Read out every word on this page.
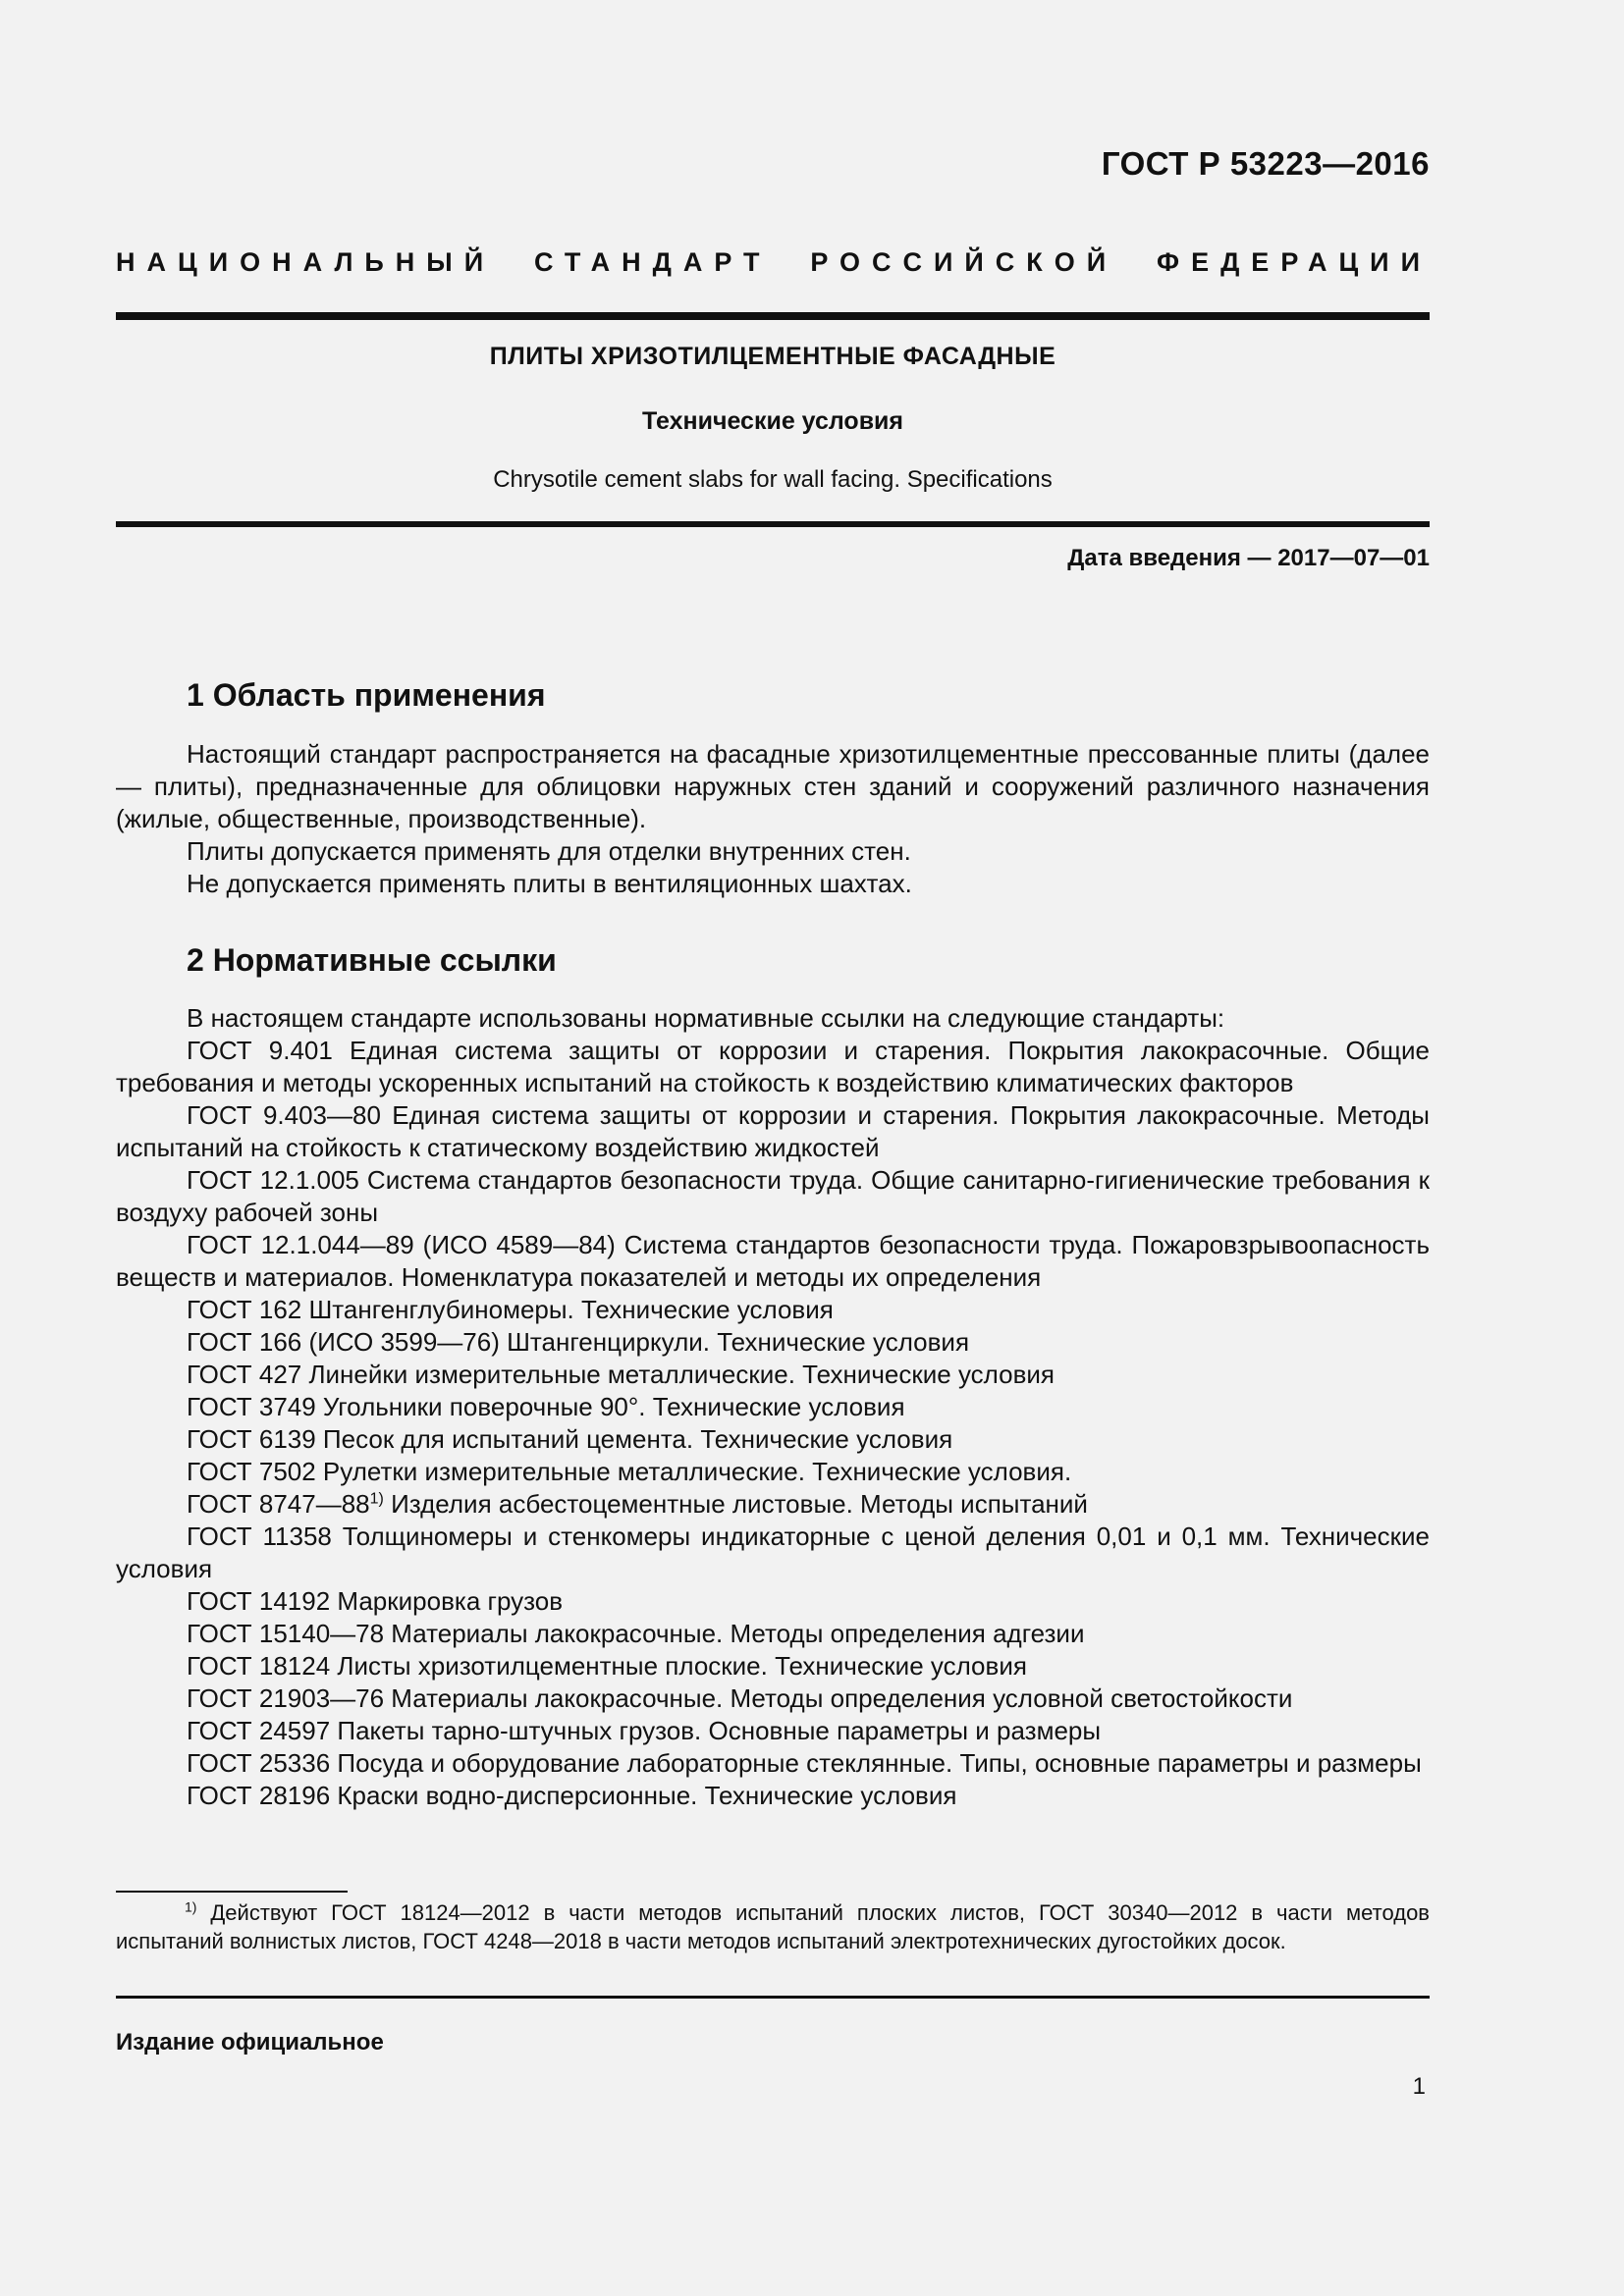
ГОСТ Р 53223—2016
НАЦИОНАЛЬНЫЙ СТАНДАРТ РОССИЙСКОЙ ФЕДЕРАЦИИ
ПЛИТЫ ХРИЗОТИЛЦЕМЕНТНЫЕ ФАСАДНЫЕ
Технические условия
Chrysotile cement slabs for wall facing. Specifications
Дата введения — 2017—07—01
1 Область применения

Настоящий стандарт распространяется на фасадные хризотилцементные прессованные плиты (далее — плиты), предназначенные для облицовки наружных стен зданий и сооружений различного назначения (жилые, общественные, производственные).

Плиты допускается применять для отделки внутренних стен.

Не допускается применять плиты в вентиляционных шахтах.

2 Нормативные ссылки

В настоящем стандарте использованы нормативные ссылки на следующие стандарты:

ГОСТ 9.401 Единая система защиты от коррозии и старения. Покрытия лакокрасочные. Общие требования и методы ускоренных испытаний на стойкость к воздействию климатических факторов

ГОСТ 9.403—80 Единая система защиты от коррозии и старения. Покрытия лакокрасочные. Методы испытаний на стойкость к статическому воздействию жидкостей

ГОСТ 12.1.005 Система стандартов безопасности труда. Общие санитарно-гигиенические требования к воздуху рабочей зоны

ГОСТ 12.1.044—89 (ИСО 4589—84) Система стандартов безопасности труда. Пожаровзрывоопасность веществ и материалов. Номенклатура показателей и методы их определения

ГОСТ 162 Штангенглубиномеры. Технические условия

ГОСТ 166 (ИСО 3599—76) Штангенциркули. Технические условия

ГОСТ 427 Линейки измерительные металлические. Технические условия

ГОСТ 3749 Угольники поверочные 90°. Технические условия

ГОСТ 6139 Песок для испытаний цемента. Технические условия

ГОСТ 7502 Рулетки измерительные металлические. Технические условия.

ГОСТ 8747—88$^{1)}$ Изделия асбестоцементные листовые. Методы испытаний

ГОСТ 11358 Толщиномеры и стенкомеры индикаторные с ценой деления 0,01 и 0,1 мм. Технические условия

ГОСТ 14192 Маркировка грузов

ГОСТ 15140—78 Материалы лакокрасочные. Методы определения адгезии

ГОСТ 18124 Листы хризотилцементные плоские. Технические условия

ГОСТ 21903—76 Материалы лакокрасочные. Методы определения условной светостойкости

ГОСТ 24597 Пакеты тарно-штучных грузов. Основные параметры и размеры

ГОСТ 25336 Посуда и оборудование лабораторные стеклянные. Типы, основные параметры и размеры

ГОСТ 28196 Краски водно-дисперсионные. Технические условия

$^{1)}$ Действуют ГОСТ 18124—2012 в части методов испытаний плоских листов, ГОСТ 30340—2012 в части методов испытаний волнистых листов, ГОСТ 4248—2018 в части методов испытаний электротехнических дугостойких досок.
Издание официальное
1
